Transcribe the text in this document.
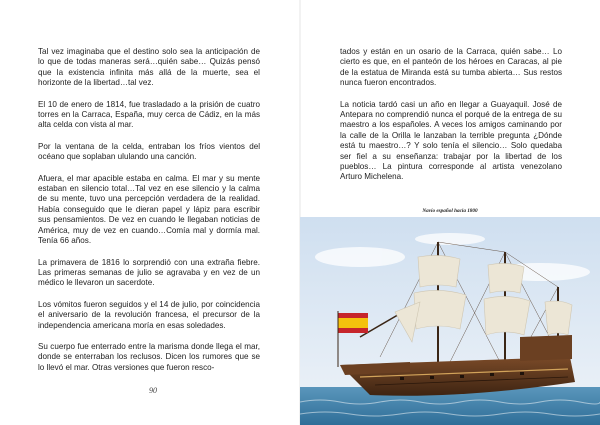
Tal vez imaginaba que el destino solo sea la anticipación de lo que de todas maneras será…quién sabe… Quizás pensó que la existencia infinita más allá de la muerte, sea el horizonte de la libertad…tal vez.

El 10 de enero de 1814, fue trasladado a la prisión de cuatro torres en la Carraca, España, muy cerca de Cádiz, en la más alta celda con vista al mar.

Por la ventana de la celda, entraban los fríos vientos del océano que soplaban ululando una canción.

Afuera, el mar apacible estaba en calma. El mar y su mente estaban en silencio total…Tal vez en ese silencio y la calma de su mente, tuvo una percepción verdadera de la realidad. Había conseguido que le dieran papel y lápiz para escribir sus pensamientos. De vez en cuando le llegaban noticias de América, muy de vez en cuando…Comía mal y dormía mal. Tenía 66 años.

La primavera de 1816 lo sorprendió con una extraña fiebre. Las primeras semanas de julio se agravaba y en vez de un médico le llevaron un sacerdote.

Los vómitos fueron seguidos y el 14 de julio, por coincidencia el aniversario de la revolución francesa, el precursor de la independencia americana moría en esas soledades.

Su cuerpo fue enterrado entre la marisma donde llega el mar, donde se enterraban los reclusos. Dicen los rumores que se lo llevó el mar. Otras versiones que fueron resco-

90

tados y están en un osario de la Carraca, quién sabe… Lo cierto es que, en el panteón de los héroes en Caracas, al pie de la estatua de Miranda está su tumba abierta… Sus restos nunca fueron encontrados.

La noticia tardó casi un año en llegar a Guayaquil. José de Antepara no comprendió nunca el porqué de la entrega de su maestro a los españoles. A veces los amigos caminando por la calle de la Orilla le lanzaban la terrible pregunta ¿Dónde está tu maestro…? Y solo tenía el silencio… Solo quedaba ser fiel a su enseñanza: trabajar por la libertad de los pueblos… La pintura corresponde al artista venezolano Arturo Michelena.

Navío español hacia 1800
